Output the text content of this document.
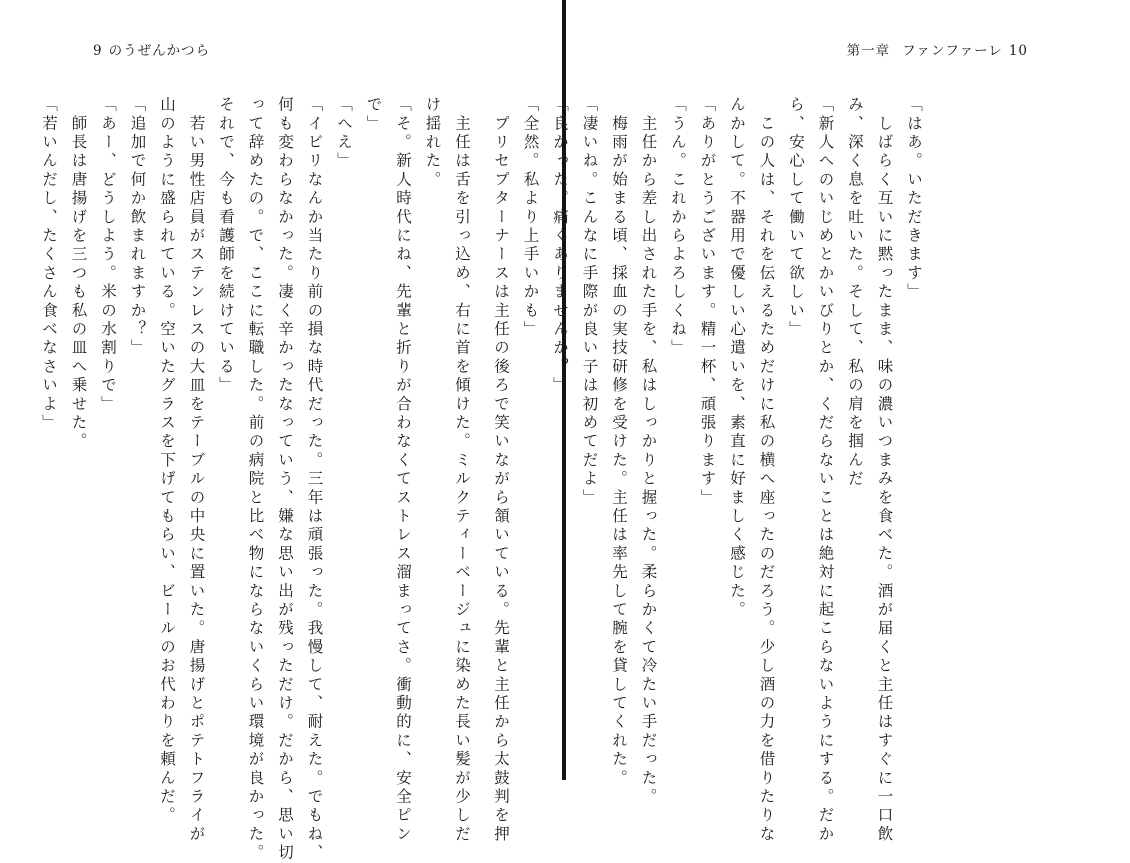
9 のうぜんかつら
　主任は舌を引っ込め、右に首を傾けた。ミルクティーベージュに染めた長い髪が少しだ
け揺れた。
「そ。新人時代にね、先輩と折りが合わなくてストレス溜まってさ。衝動的に、安全ピン
で」
「へえ」
「イビリなんか当たり前の損な時代だった。三年は頑張った。我慢して、耐えた。でもね、
何も変わらなかった。凄く辛かったなっていう、嫌な思い出が残っただけ。だから、思い切
って辞めたの。で、ここに転職した。前の病院と比べ物にならないくらい環境が良かった。
それで、今も看護師を続けている」
　若い男性店員がステンレスの大皿をテーブルの中央に置いた。唐揚げとポテトフライが
山のように盛られている。空いたグラスを下げてもらい、ビールのお代わりを頼んだ。
「追加で何か飲まれますか？」
「あー、どうしよう。米の水割りで」
　師長は唐揚げを三つも私の皿へ乗せた。
「若いんだし、たくさん食べなさいよ」
第一章 ファンファーレ 10
「はあ。いただきます」
　しばらく互いに黙ったまま、味の濃いつまみを食べた。酒が届くと主任はすぐに一口飲
み、深く息を吐いた。そして、私の肩を掴んだ
「新人へのいじめとかいびりとか、くだらないことは絶対に起こらないようにする。だか
ら、安心して働いて欲しい」
　この人は、それを伝えるためだけに私の横へ座ったのだろう。少し酒の力を借りたりな
んかして。不器用で優しい心遣いを、素直に好ましく感じた。
「ありがとうございます。精一杯、頑張ります」
「うん。これからよろしくね」
　主任から差し出された手を、私はしっかりと握った。柔らかくて冷たい手だった。
　梅雨が始まる頃、採血の実技研修を受けた。主任は率先して腕を貸してくれた。
「凄いね。こんなに手際が良い子は初めてだよ」
「良かった。痛くありませんか？」
「全然。私より上手いかも」
　プリセプターナースは主任の後ろで笑いながら頷いている。先輩と主任から太鼓判を押
